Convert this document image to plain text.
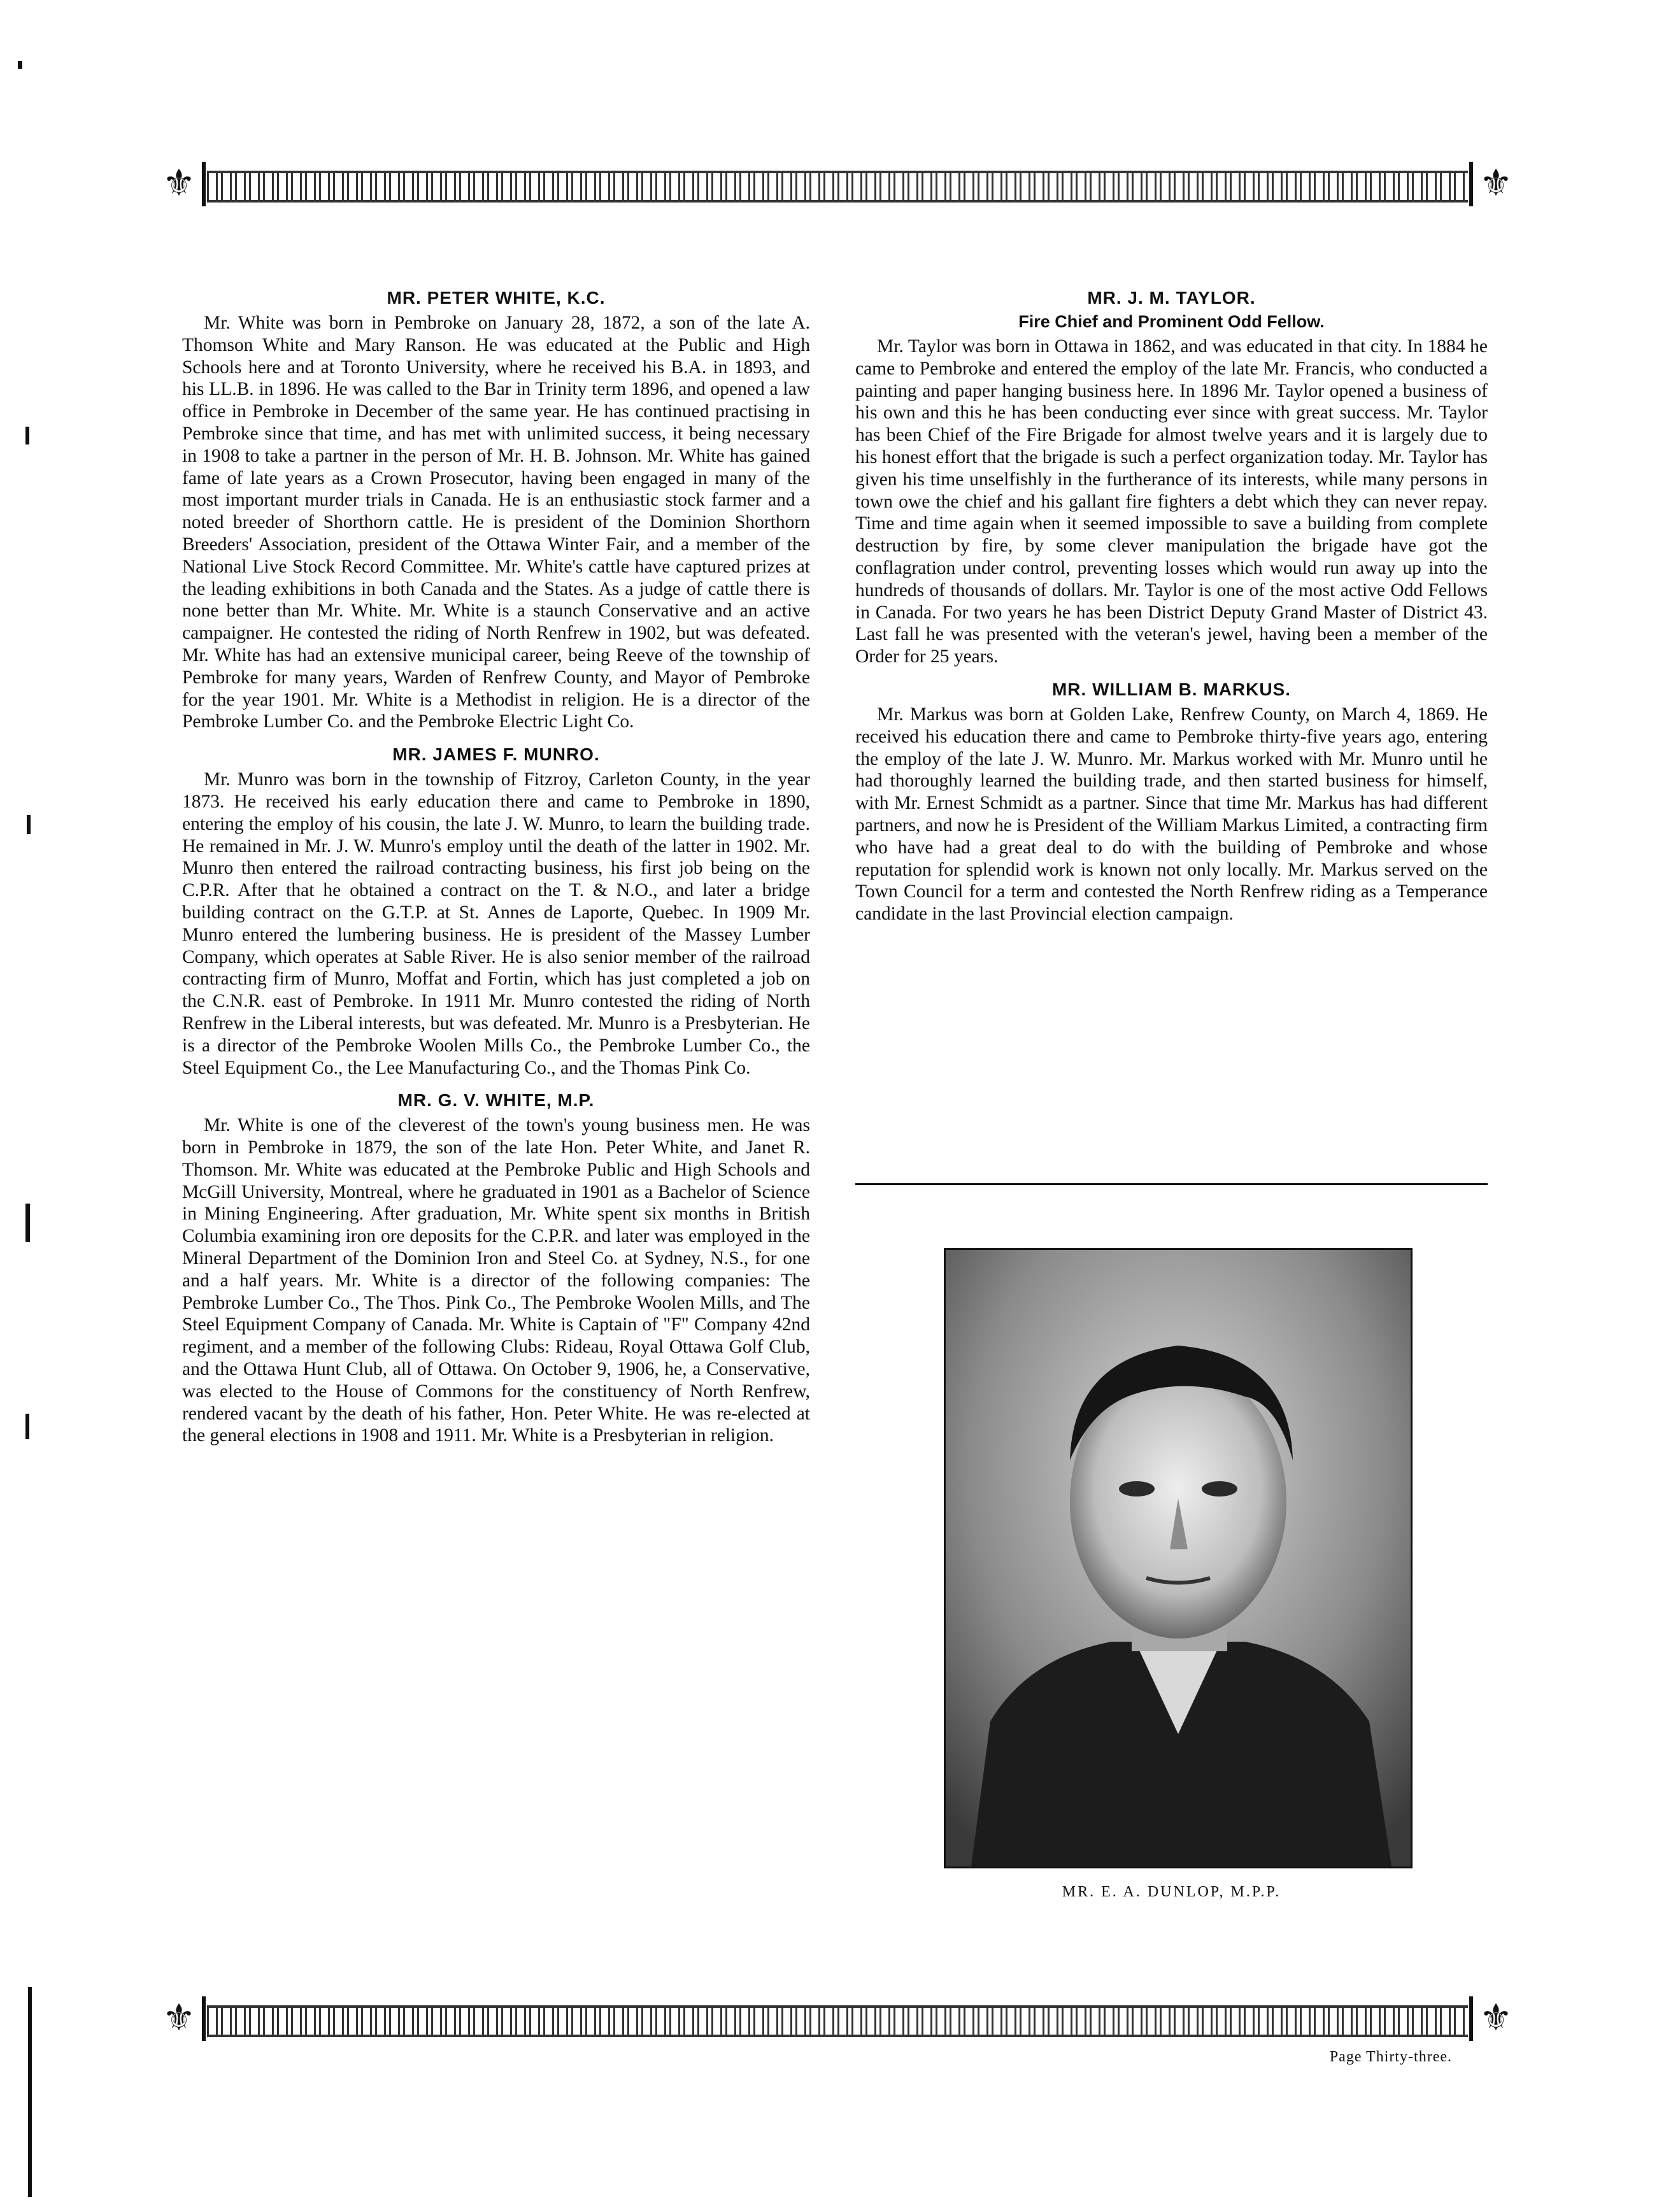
⚜	⚜
MR. PETER WHITE, K.C.

Mr. White was born in Pembroke on January 28, 1872, a son of the late A. Thomson White and Mary Ranson. He was educated at the Public and High Schools here and at Toronto University, where he received his B.A. in 1893, and his LL.B. in 1896. He was called to the Bar in Trinity term 1896, and opened a law office in Pembroke in December of the same year. He has continued practising in Pembroke since that time, and has met with unlimited success, it being necessary in 1908 to take a partner in the person of Mr. H. B. Johnson. Mr. White has gained fame of late years as a Crown Prosecutor, having been engaged in many of the most important murder trials in Canada. He is an enthusiastic stock farmer and a noted breeder of Shorthorn cattle. He is president of the Dominion Shorthorn Breeders' Association, president of the Ottawa Winter Fair, and a member of the National Live Stock Record Committee. Mr. White's cattle have captured prizes at the leading exhibitions in both Canada and the States. As a judge of cattle there is none better than Mr. White. Mr. White is a staunch Conservative and an active campaigner. He contested the riding of North Renfrew in 1902, but was defeated. Mr. White has had an extensive municipal career, being Reeve of the township of Pembroke for many years, Warden of Renfrew County, and Mayor of Pembroke for the year 1901. Mr. White is a Methodist in religion. He is a director of the Pembroke Lumber Co. and the Pembroke Electric Light Co.

MR. JAMES F. MUNRO.

Mr. Munro was born in the township of Fitzroy, Carleton County, in the year 1873. He received his early education there and came to Pembroke in 1890, entering the employ of his cousin, the late J. W. Munro, to learn the building trade. He remained in Mr. J. W. Munro's employ until the death of the latter in 1902. Mr. Munro then entered the railroad contracting business, his first job being on the C.P.R. After that he obtained a contract on the T. & N.O., and later a bridge building contract on the G.T.P. at St. Annes de Laporte, Quebec. In 1909 Mr. Munro entered the lumbering business. He is president of the Massey Lumber Company, which operates at Sable River. He is also senior member of the railroad contracting firm of Munro, Moffat and Fortin, which has just completed a job on the C.N.R. east of Pembroke. In 1911 Mr. Munro contested the riding of North Renfrew in the Liberal interests, but was defeated. Mr. Munro is a Presbyterian. He is a director of the Pembroke Woolen Mills Co., the Pembroke Lumber Co., the Steel Equipment Co., the Lee Manufacturing Co., and the Thomas Pink Co.

MR. G. V. WHITE, M.P.

Mr. White is one of the cleverest of the town's young business men. He was born in Pembroke in 1879, the son of the late Hon. Peter White, and Janet R. Thomson. Mr. White was educated at the Pembroke Public and High Schools and McGill University, Montreal, where he graduated in 1901 as a Bachelor of Science in Mining Engineering. After graduation, Mr. White spent six months in British Columbia examining iron ore deposits for the C.P.R. and later was employed in the Mineral Department of the Dominion Iron and Steel Co. at Sydney, N.S., for one and a half years. Mr. White is a director of the following companies: The Pembroke Lumber Co., The Thos. Pink Co., The Pembroke Woolen Mills, and The Steel Equipment Company of Canada. Mr. White is Captain of "F" Company 42nd regiment, and a member of the following Clubs: Rideau, Royal Ottawa Golf Club, and the Ottawa Hunt Club, all of Ottawa. On October 9, 1906, he, a Conservative, was elected to the House of Commons for the constituency of North Renfrew, rendered vacant by the death of his father, Hon. Peter White. He was re-elected at the general elections in 1908 and 1911. Mr. White is a Presbyterian in religion.

MR. J. M. TAYLOR.
Fire Chief and Prominent Odd Fellow.

Mr. Taylor was born in Ottawa in 1862, and was educated in that city. In 1884 he came to Pembroke and entered the employ of the late Mr. Francis, who conducted a painting and paper hanging business here. In 1896 Mr. Taylor opened a business of his own and this he has been conducting ever since with great success. Mr. Taylor has been Chief of the Fire Brigade for almost twelve years and it is largely due to his honest effort that the brigade is such a perfect organization today. Mr. Taylor has given his time unselfishly in the furtherance of its interests, while many persons in town owe the chief and his gallant fire fighters a debt which they can never repay. Time and time again when it seemed impossible to save a building from complete destruction by fire, by some clever manipulation the brigade have got the conflagration under control, preventing losses which would run away up into the hundreds of thousands of dollars. Mr. Taylor is one of the most active Odd Fellows in Canada. For two years he has been District Deputy Grand Master of District 43. Last fall he was presented with the veteran's jewel, having been a member of the Order for 25 years.

MR. WILLIAM B. MARKUS.

Mr. Markus was born at Golden Lake, Renfrew County, on March 4, 1869. He received his education there and came to Pembroke thirty-five years ago, entering the employ of the late J. W. Munro. Mr. Markus worked with Mr. Munro until he had thoroughly learned the building trade, and then started business for himself, with Mr. Ernest Schmidt as a partner. Since that time Mr. Markus has had different partners, and now he is President of the William Markus Limited, a contracting firm who have had a great deal to do with the building of Pembroke and whose reputation for splendid work is known not only locally. Mr. Markus served on the Town Council for a term and contested the North Renfrew riding as a Temperance candidate in the last Provincial election campaign.

MR. E. A. DUNLOP, M.P.P.
⚜	⚜
Page Thirty-three.
